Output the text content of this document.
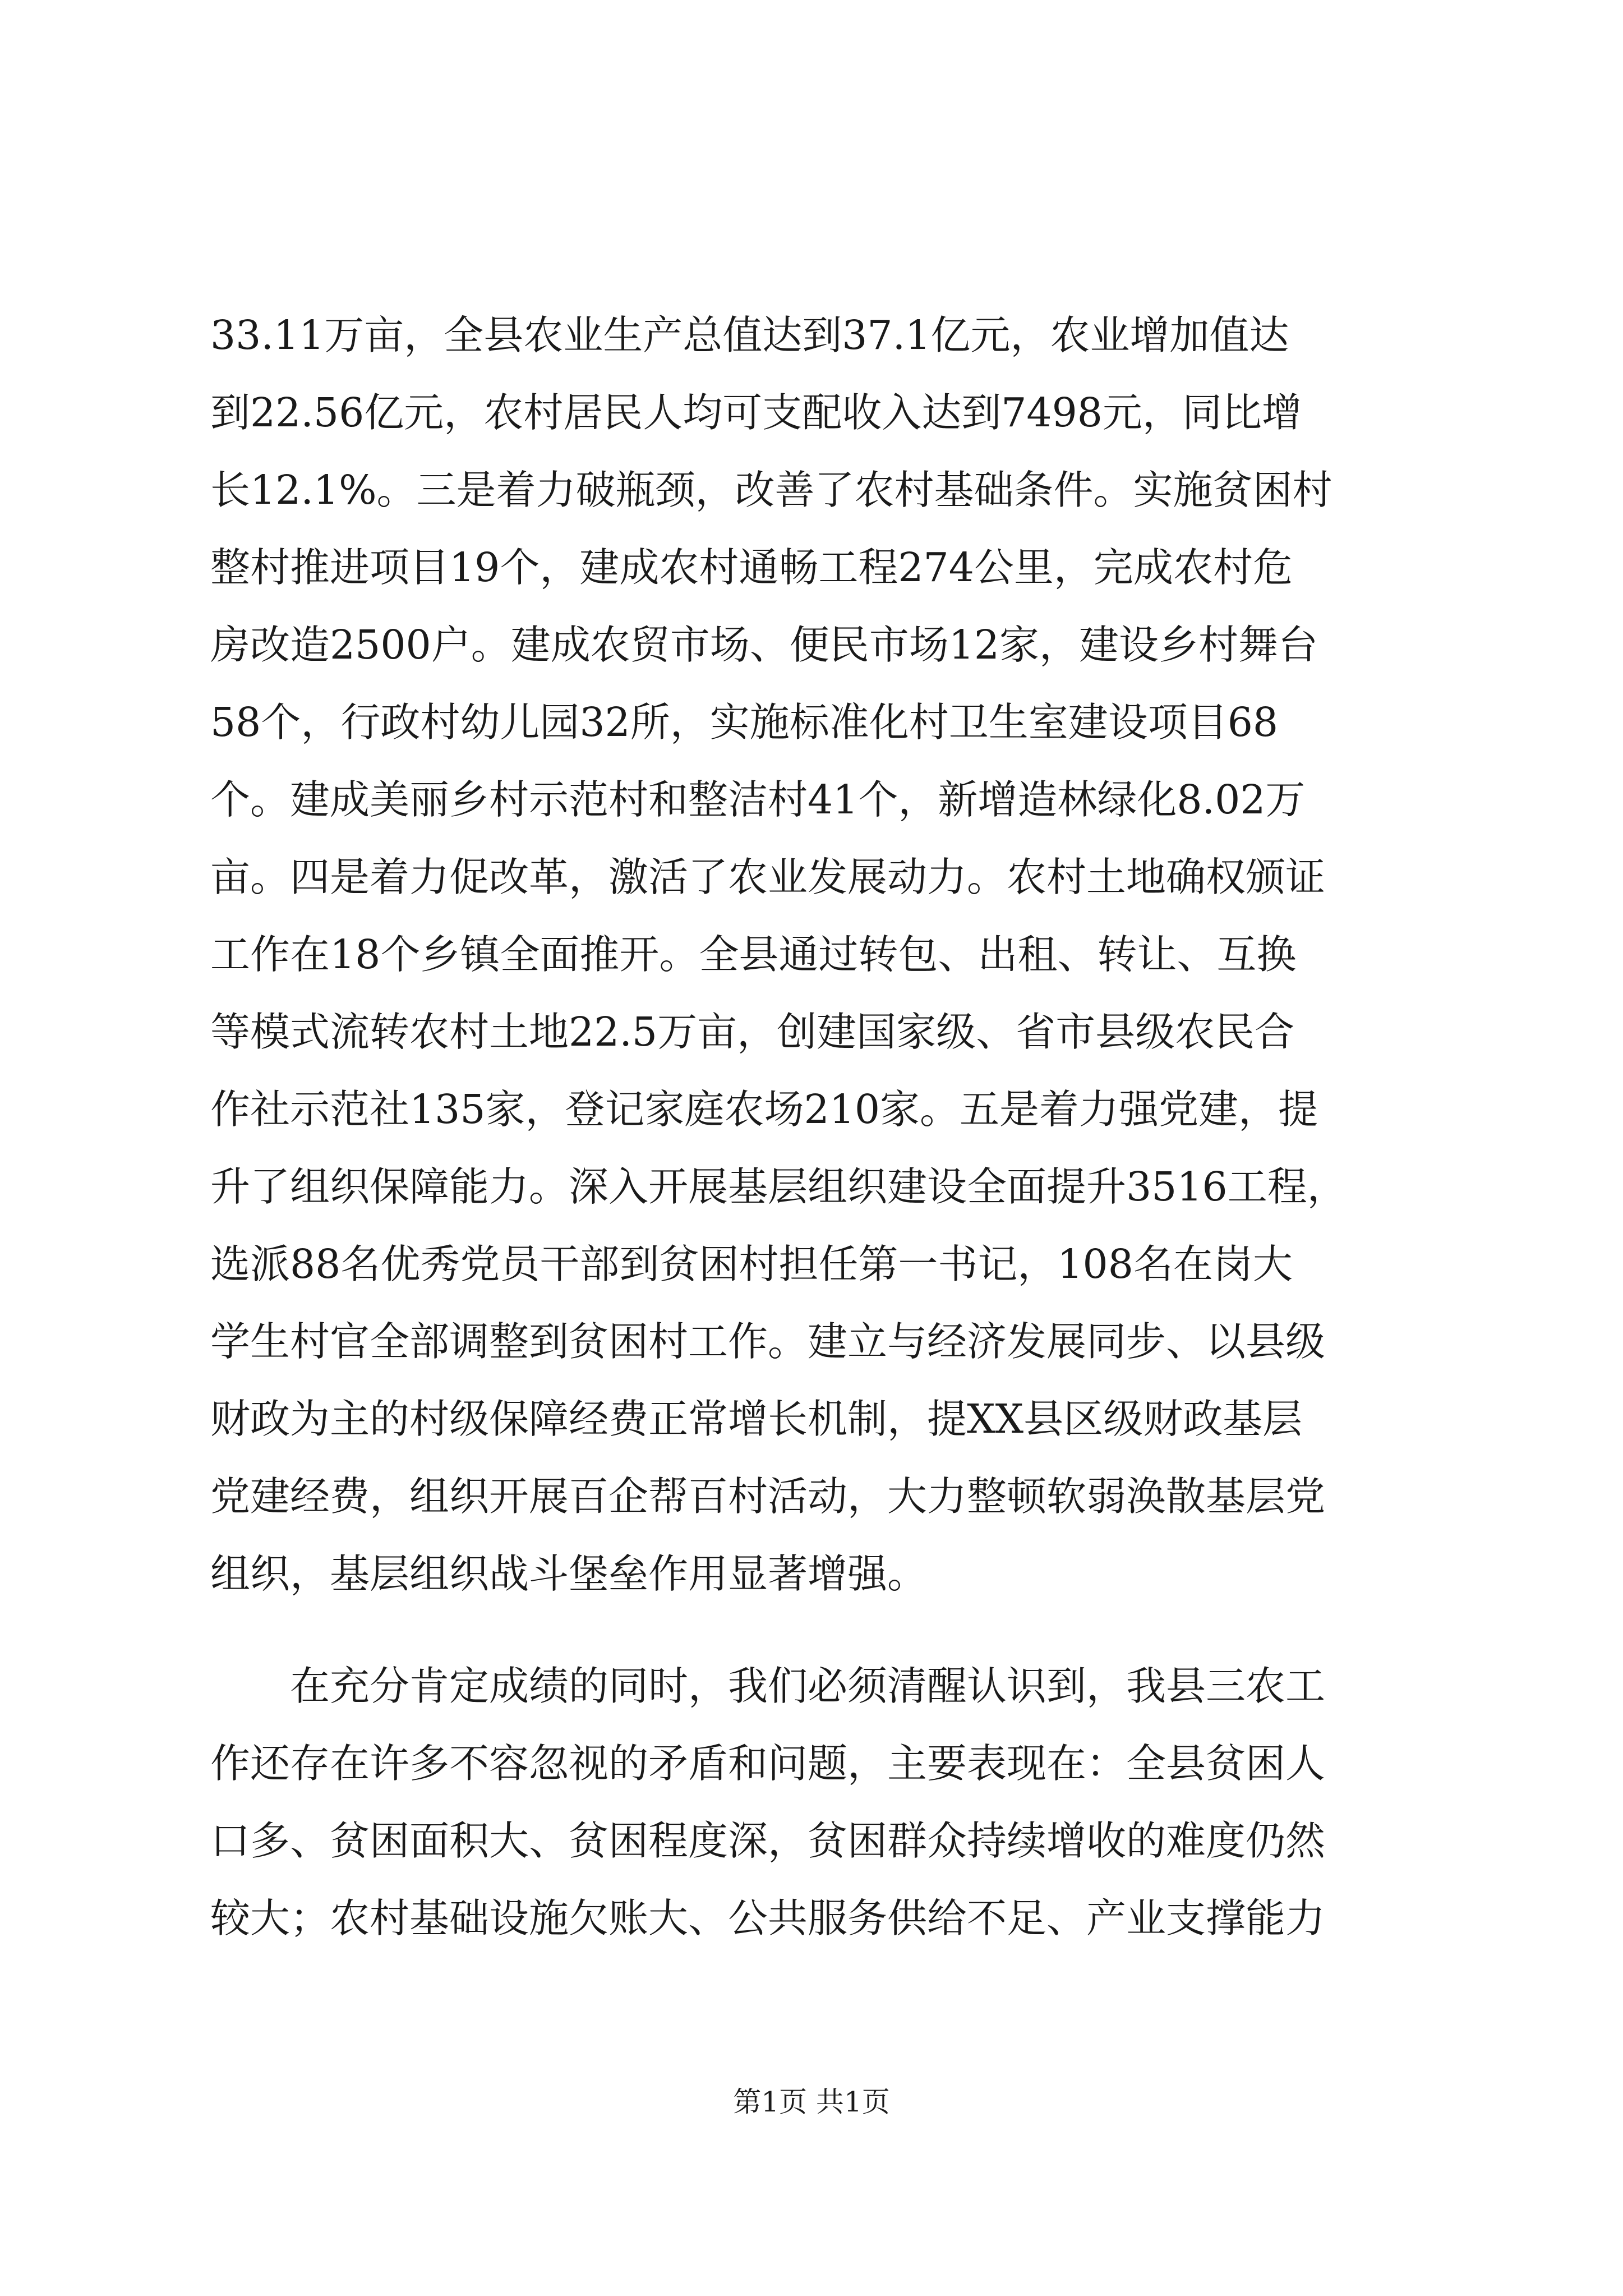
33.11万亩，全县农业生产总值达到37.1亿元，农业增加值达
到22.56亿元，农村居民人均可支配收入达到7498元，同比增
长12.1%。三是着力破瓶颈，改善了农村基础条件。实施贫困村
整村推进项目19个，建成农村通畅工程274公里，完成农村危
房改造2500户。建成农贸市场、便民市场12家，建设乡村舞台
58个，行政村幼儿园32所，实施标准化村卫生室建设项目68
个。建成美丽乡村示范村和整洁村41个，新增造林绿化8.02万
亩。四是着力促改革，激活了农业发展动力。农村土地确权颁证
工作在18个乡镇全面推开。全县通过转包、出租、转让、互换
等模式流转农村土地22.5万亩，创建国家级、省市县级农民合
作社示范社135家，登记家庭农场210家。五是着力强党建，提
升了组织保障能力。深入开展基层组织建设全面提升3516工程，
选派88名优秀党员干部到贫困村担任第一书记，108名在岗大
学生村官全部调整到贫困村工作。建立与经济发展同步、以县级
财政为主的村级保障经费正常增长机制，提XX县区级财政基层
党建经费，组织开展百企帮百村活动，大力整顿软弱涣散基层党
组织，基层组织战斗堡垒作用显著增强。
　　在充分肯定成绩的同时，我们必须清醒认识到，我县三农工
作还存在许多不容忽视的矛盾和问题，主要表现在：全县贫困人
口多、贫困面积大、贫困程度深，贫困群众持续增收的难度仍然
较大；农村基础设施欠账大、公共服务供给不足、产业支撑能力
第1页 共1页
